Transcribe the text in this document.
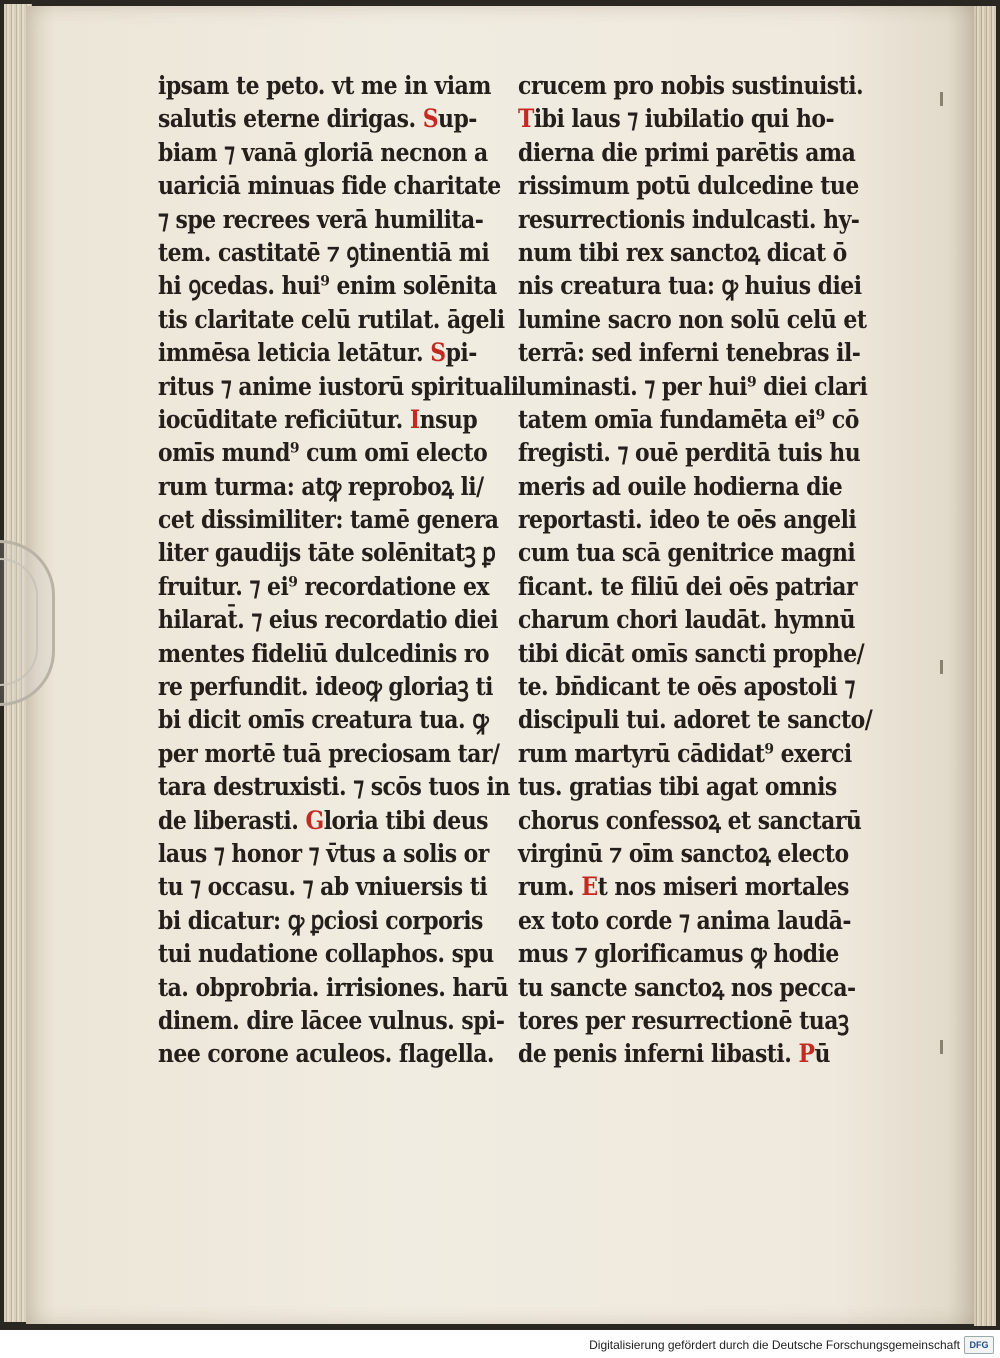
ipsam te peto. vt me in viam
salutis eterne dirigas. Sup-
biam ⁊ vanā gloriā necnon a
uariciā minuas fide charitate
⁊ spe recrees verā humilita-
tem. castitatē ⁊ ꝯtinentiā mi
hi ꝯcedas. hui⁹ enim solēnita
tis claritate celū rutilat. āgeli
immēsa leticia letātur. Spi-
ritus ⁊ anime iustorū spirituali
iocūditate reficiūtur. Insup
omīs mund⁹ cum omī electo
rum turma: atꝙ reproboꝝ li/
cet dissimiliter: tamē genera
liter gaudijs tāte solēnitatꝫ ꝑ
fruitur. ⁊ ei⁹ recordatione ex
hilarat̄. ⁊ eius recordatio diei
mentes fideliū dulcedinis ro
re perfundit. ideoꝙ gloriaꝫ ti
bi dicit omīs creatura tua. ꝙ
per mortē tuā preciosam tar/
tara destruxisti. ⁊ scōs tuos in
de liberasti. Gloria tibi deus
laus ⁊ honor ⁊ v̄tus a solis or
tu ⁊ occasu. ⁊ ab vniuersis ti
bi dicatur: ꝙ ꝑciosi corporis
tui nudatione collaphos. spu
ta. obprobria. irrisiones. harū
dinem. dire lācee vulnus. spi-
nee corone aculeos. flagella.
crucem pro nobis sustinuisti.
Tibi laus ⁊ iubilatio qui ho-
dierna die primi parētis ama
rissimum potū dulcedine tue
resurrectionis indulcasti. hy-
num tibi rex sanctoꝝ dicat ō
nis creatura tua: ꝙ huius diei
lumine sacro non solū celū et
terrā: sed inferni tenebras il-
luminasti. ⁊ per hui⁹ diei clari
tatem omīa fundamēta ei⁹ cō
fregisti. ⁊ ouē perditā tuis hu
meris ad ouile hodierna die
reportasti. ideo te oēs angeli
cum tua scā genitrice magni
ficant. te filiū dei oēs patriar
charum chori laudāt. hymnū
tibi dicāt omīs sancti prophe/
te. bn̄dicant te oēs apostoli ⁊
discipuli tui. adoret te sancto/
rum martyrū cādidat⁹ exerci
tus. gratias tibi agat omnis
chorus confessoꝝ et sanctarū
virginū ⁊ oīm sanctoꝝ electo
rum. Et nos miseri mortales
ex toto corde ⁊ anima laudā-
mus ⁊ glorificamus ꝙ hodie
tu sancte sanctoꝝ nos pecca-
tores per resurrectionē tuaꝫ
de penis inferni libasti. Pū
Digitalisierung gefördert durch die Deutsche Forschungsgemeinschaft	DFG
